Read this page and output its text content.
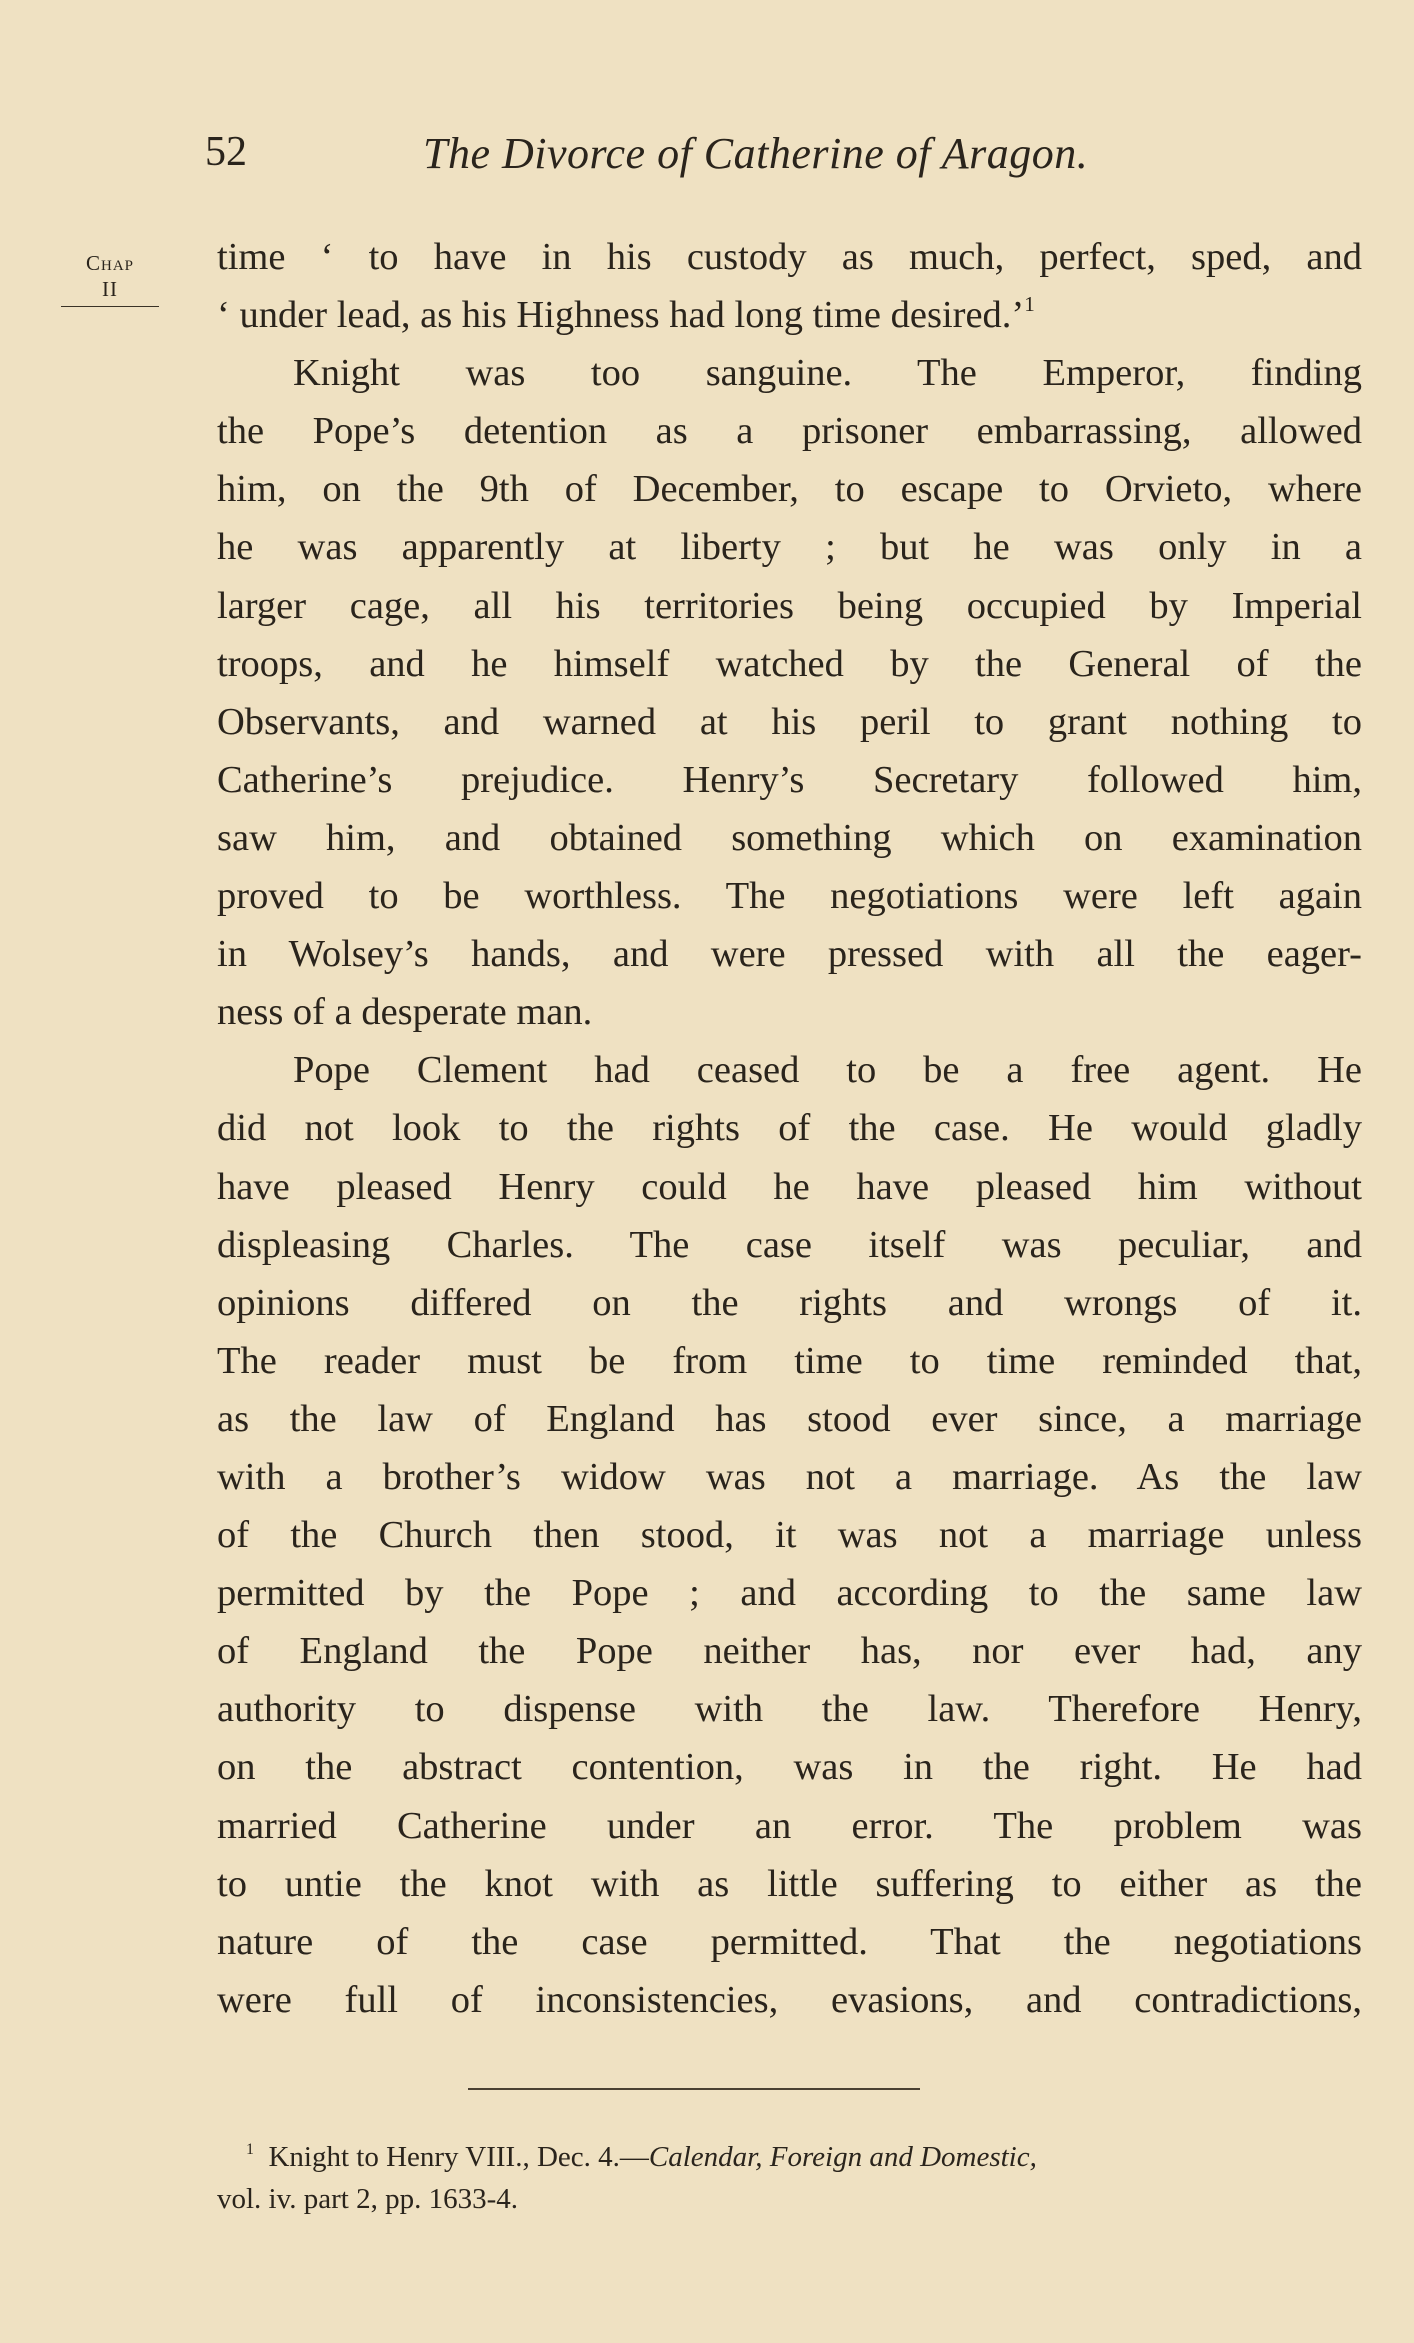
52	The Divorce of Catherine of Aragon.
Chap
II
time ‘ to have in his custody as much, perfect, sped, and
‘ under lead, as his Highness had long time desired.’$^1$
Knight was too sanguine. The Emperor, finding
the Pope’s detention as a prisoner embarrassing, allowed
him, on the 9th of December, to escape to Orvieto, where
he was apparently at liberty ; but he was only in a
larger cage, all his territories being occupied by Imperial
troops, and he himself watched by the General of the
Observants, and warned at his peril to grant nothing to
Catherine’s prejudice. Henry’s Secretary followed him,
saw him, and obtained something which on examination
proved to be worthless. The negotiations were left again
in Wolsey’s hands, and were pressed with all the eager-
ness of a desperate man.
Pope Clement had ceased to be a free agent. He
did not look to the rights of the case. He would gladly
have pleased Henry could he have pleased him without
displeasing Charles. The case itself was peculiar, and
opinions differed on the rights and wrongs of it.
The reader must be from time to time reminded that,
as the law of England has stood ever since, a marriage
with a brother’s widow was not a marriage. As the law
of the Church then stood, it was not a marriage unless
permitted by the Pope ; and according to the same law
of England the Pope neither has, nor ever had, any
authority to dispense with the law. Therefore Henry,
on the abstract contention, was in the right. He had
married Catherine under an error. The problem was
to untie the knot with as little suffering to either as the
nature of the case permitted. That the negotiations
were full of inconsistencies, evasions, and contradictions,
$^1$ Knight to Henry VIII., Dec. 4.—Calendar, Foreign and Domestic,
vol. iv. part 2, pp. 1633-4.
